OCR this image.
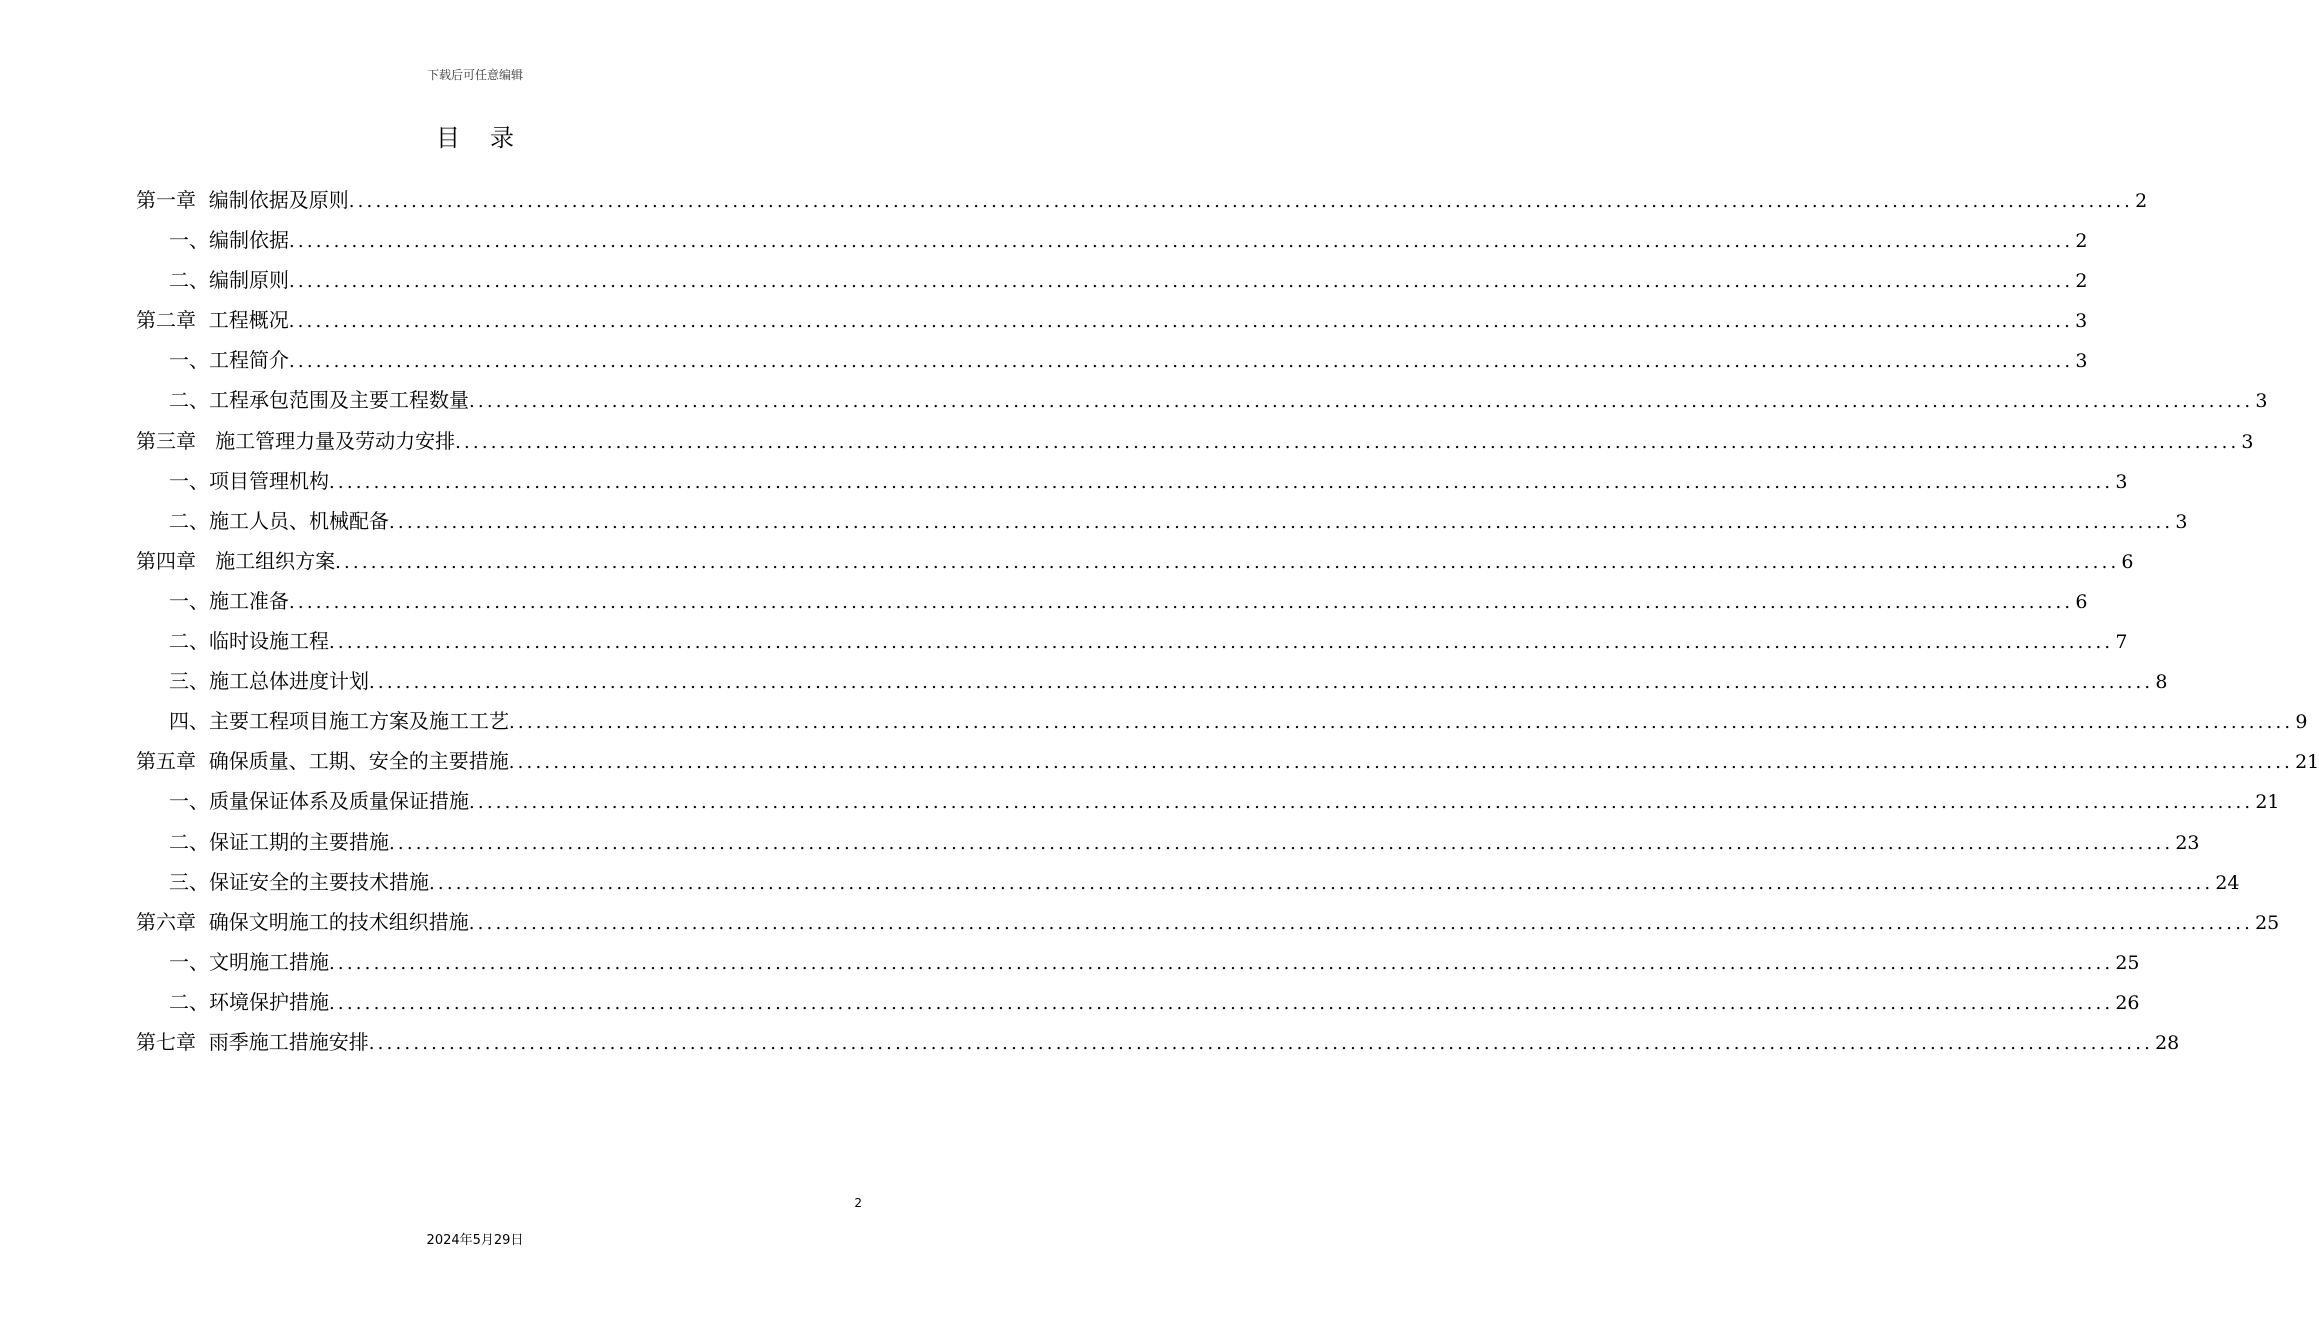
下载后可任意编辑
目录
第一章  编制依据及原则 ........................................................................................................................................................................................................ 2
一、编制依据 ........................................................................................................................................................................................................ 2
二、编制原则 ........................................................................................................................................................................................................ 2
第二章  工程概况 ........................................................................................................................................................................................................ 3
一、工程简介 ........................................................................................................................................................................................................ 3
二、工程承包范围及主要工程数量 ........................................................................................................................................................................................................ 3
第三章   施工管理力量及劳动力安排 ........................................................................................................................................................................................................ 3
一、项目管理机构 ........................................................................................................................................................................................................ 3
二、施工人员、机械配备 ........................................................................................................................................................................................................ 3
第四章   施工组织方案 ........................................................................................................................................................................................................ 6
一、施工准备 ........................................................................................................................................................................................................ 6
二、临时设施工程 ........................................................................................................................................................................................................ 7
三、施工总体进度计划 ........................................................................................................................................................................................................ 8
四、主要工程项目施工方案及施工工艺 ........................................................................................................................................................................................................ 9
第五章  确保质量、工期、安全的主要措施 ........................................................................................................................................................................................................ 21
一、质量保证体系及质量保证措施 ........................................................................................................................................................................................................ 21
二、保证工期的主要措施 ........................................................................................................................................................................................................ 23
三、保证安全的主要技术措施 ........................................................................................................................................................................................................ 24
第六章  确保文明施工的技术组织措施 ........................................................................................................................................................................................................ 25
一、文明施工措施 ........................................................................................................................................................................................................ 25
二、环境保护措施 ........................................................................................................................................................................................................ 26
第七章  雨季施工措施安排 ........................................................................................................................................................................................................ 28
2
2024年5月29日
